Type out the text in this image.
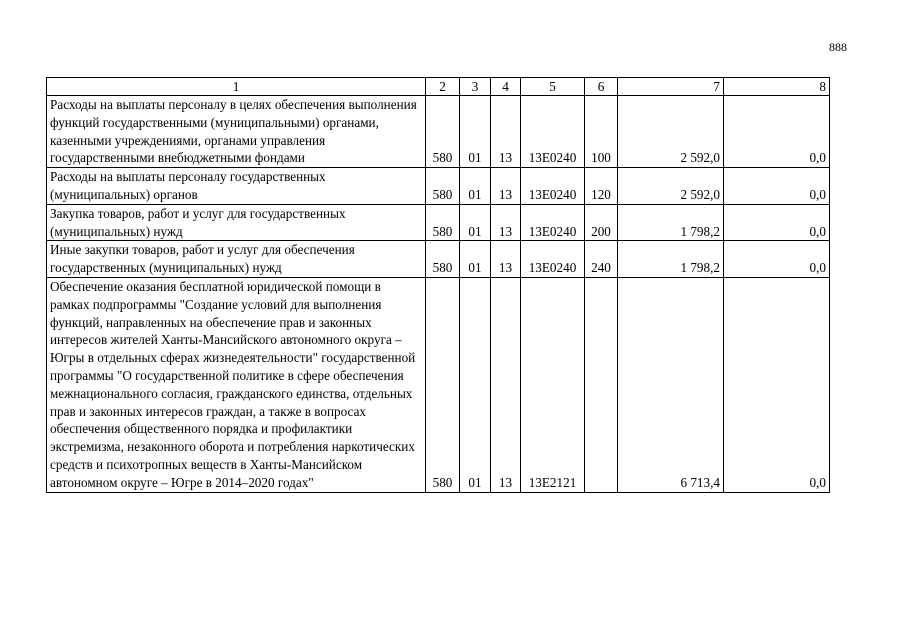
888
1	2	3	4	5	6	7	8
Расходы на выплаты персоналу в целях обеспечения выполнения функций государственными (муниципальными) органами, казенными учреждениями, органами управления государственными внебюджетными фондами	580	01	13	13Е0240	100	2 592,0	0,0
Расходы на выплаты персоналу государственных (муниципальных) органов	580	01	13	13Е0240	120	2 592,0	0,0
Закупка товаров, работ и услуг для государственных (муниципальных) нужд	580	01	13	13Е0240	200	1 798,2	0,0
Иные закупки товаров, работ и услуг для обеспечения государственных (муниципальных) нужд	580	01	13	13Е0240	240	1 798,2	0,0
Обеспечение оказания бесплатной юридической помощи в рамках подпрограммы "Создание условий для выполнения функций, направленных на обеспечение прав и законных интересов жителей Ханты-Мансийского автономного округа – Югры в отдельных сферах жизнедеятельности" государственной программы "О государственной политике в сфере обеспечения межнационального согласия, гражданского единства, отдельных прав и законных интересов граждан, а также в вопросах обеспечения общественного порядка и профилактики экстремизма, незаконного оборота и потребления наркотических средств и психотропных веществ в Ханты-Мансийском автономном округе – Югре в 2014–2020 годах"	580	01	13	13Е2121		6 713,4	0,0
